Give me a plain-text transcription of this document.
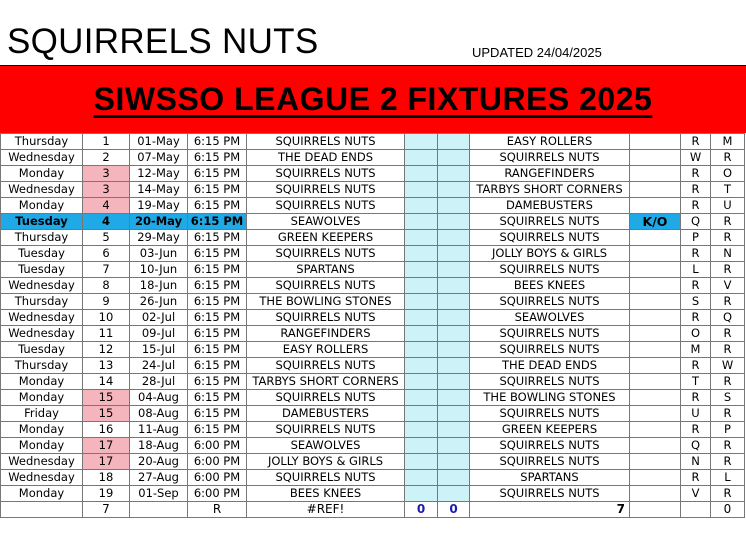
SQUIRRELS NUTS	UPDATED 24/04/2025
SIWSSO LEAGUE 2 FIXTURES 2025
Thursday	1	01-May	6:15 PM	SQUIRRELS NUTS			EASY ROLLERS		R	M
Wednesday	2	07-May	6:15 PM	THE DEAD ENDS			SQUIRRELS NUTS		W	R
Monday	3	12-May	6:15 PM	SQUIRRELS NUTS			RANGEFINDERS		R	O
Wednesday	3	14-May	6:15 PM	SQUIRRELS NUTS			TARBYS SHORT CORNERS		R	T
Monday	4	19-May	6:15 PM	SQUIRRELS NUTS			DAMEBUSTERS		R	U
Tuesday	4	20-May	6:15 PM	SEAWOLVES			SQUIRRELS NUTS	K/O	Q	R
Thursday	5	29-May	6:15 PM	GREEN KEEPERS			SQUIRRELS NUTS		P	R
Tuesday	6	03-Jun	6:15 PM	SQUIRRELS NUTS			JOLLY BOYS & GIRLS		R	N
Tuesday	7	10-Jun	6:15 PM	SPARTANS			SQUIRRELS NUTS		L	R
Wednesday	8	18-Jun	6:15 PM	SQUIRRELS NUTS			BEES KNEES		R	V
Thursday	9	26-Jun	6:15 PM	THE BOWLING STONES			SQUIRRELS NUTS		S	R
Wednesday	10	02-Jul	6:15 PM	SQUIRRELS NUTS			SEAWOLVES		R	Q
Wednesday	11	09-Jul	6:15 PM	RANGEFINDERS			SQUIRRELS NUTS		O	R
Tuesday	12	15-Jul	6:15 PM	EASY ROLLERS			SQUIRRELS NUTS		M	R
Thursday	13	24-Jul	6:15 PM	SQUIRRELS NUTS			THE DEAD ENDS		R	W
Monday	14	28-Jul	6:15 PM	TARBYS SHORT CORNERS			SQUIRRELS NUTS		T	R
Monday	15	04-Aug	6:15 PM	SQUIRRELS NUTS			THE BOWLING STONES		R	S
Friday	15	08-Aug	6:15 PM	DAMEBUSTERS			SQUIRRELS NUTS		U	R
Monday	16	11-Aug	6:15 PM	SQUIRRELS NUTS			GREEN KEEPERS		R	P
Monday	17	18-Aug	6:00 PM	SEAWOLVES			SQUIRRELS NUTS		Q	R
Wednesday	17	20-Aug	6:00 PM	JOLLY BOYS & GIRLS			SQUIRRELS NUTS		N	R
Wednesday	18	27-Aug	6:00 PM	SQUIRRELS NUTS			SPARTANS		R	L
Monday	19	01-Sep	6:00 PM	BEES KNEES			SQUIRRELS NUTS		V	R
	7		R	#REF!	0	0	7			0
